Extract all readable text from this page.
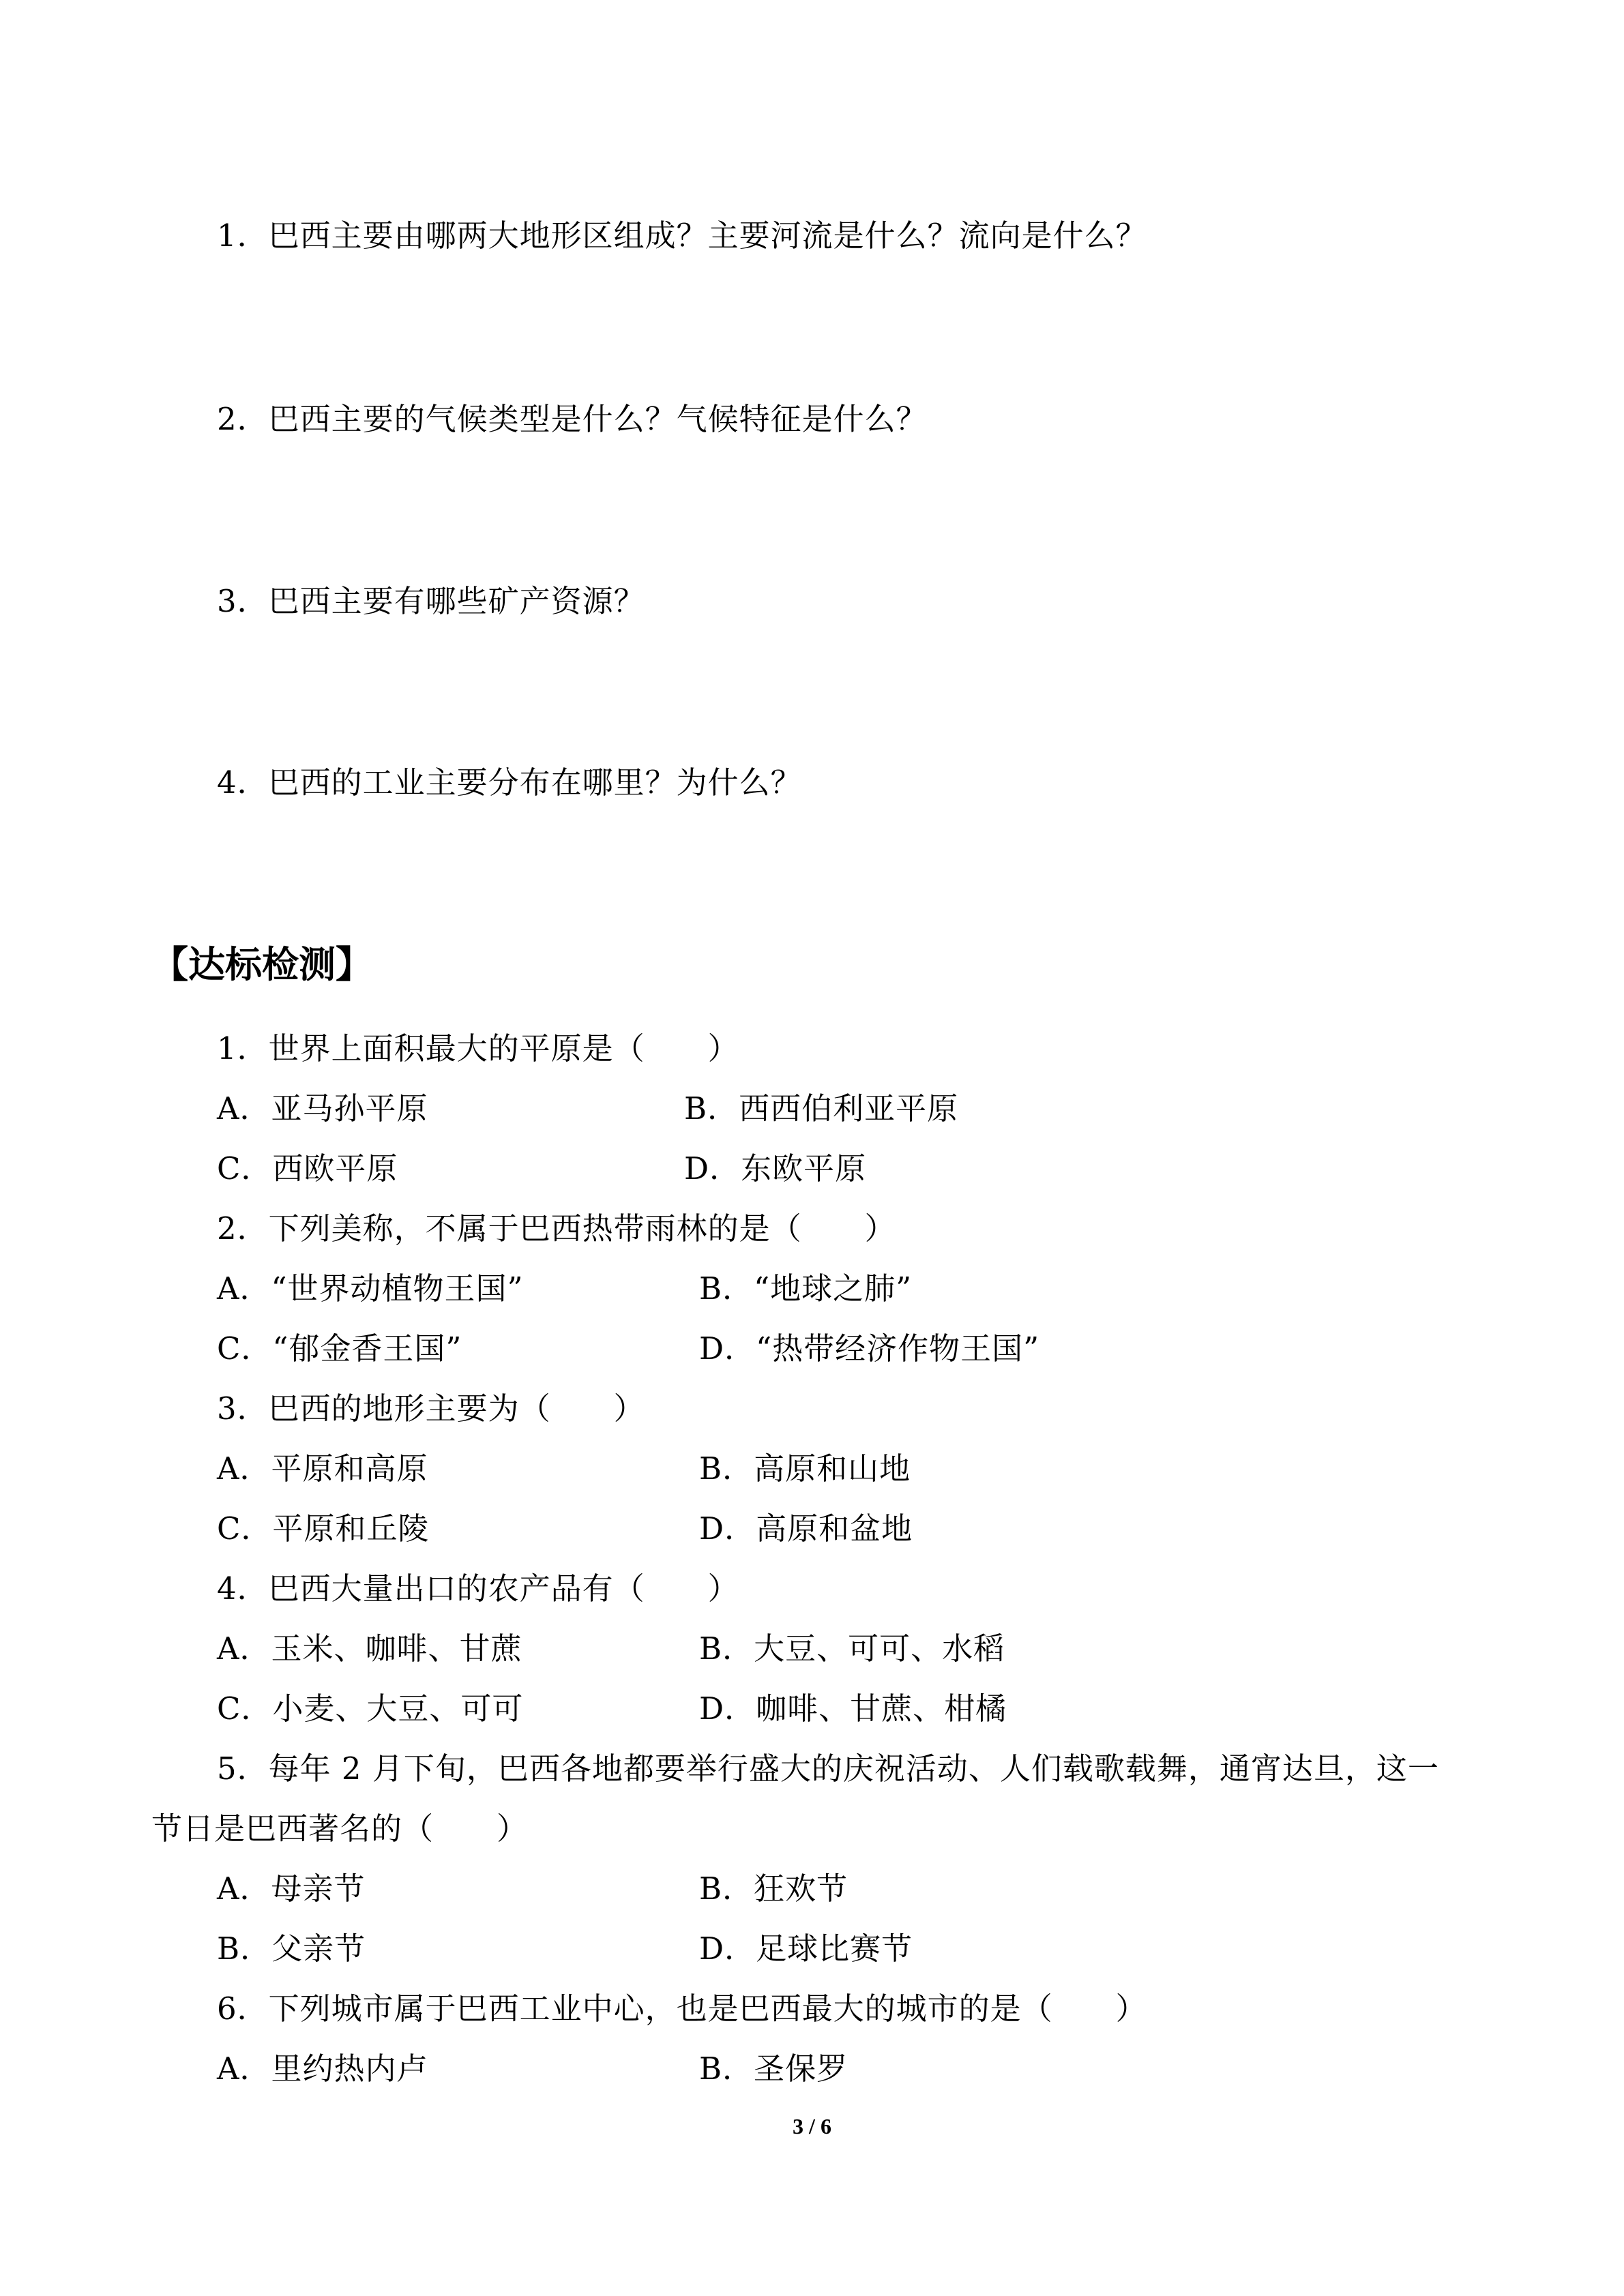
1．巴西主要由哪两大地形区组成？主要河流是什么？流向是什么？
2．巴西主要的气候类型是什么？气候特征是什么？
3．巴西主要有哪些矿产资源？
4．巴西的工业主要分布在哪里？为什么？
【达标检测】
1．世界上面积最大的平原是（　　）
A．亚马孙平原	B．西西伯利亚平原
C．西欧平原	D．东欧平原
2．下列美称，不属于巴西热带雨林的是（　　）
A．“世界动植物王国”	B．“地球之肺”
C．“郁金香王国”	D．“热带经济作物王国”
3．巴西的地形主要为（　　）
A．平原和高原	B．高原和山地
C．平原和丘陵	D．高原和盆地
4．巴西大量出口的农产品有（　　）
A．玉米、咖啡、甘蔗	B．大豆、可可、水稻
C．小麦、大豆、可可	D．咖啡、甘蔗、柑橘
5．每年 2 月下旬，巴西各地都要举行盛大的庆祝活动、人们载歌载舞，通宵达旦，这一
节日是巴西著名的（　　）
A．母亲节	B．狂欢节
B．父亲节	D．足球比赛节
6．下列城市属于巴西工业中心，也是巴西最大的城市的是（　　）
A．里约热内卢	B．圣保罗
3 / 6
